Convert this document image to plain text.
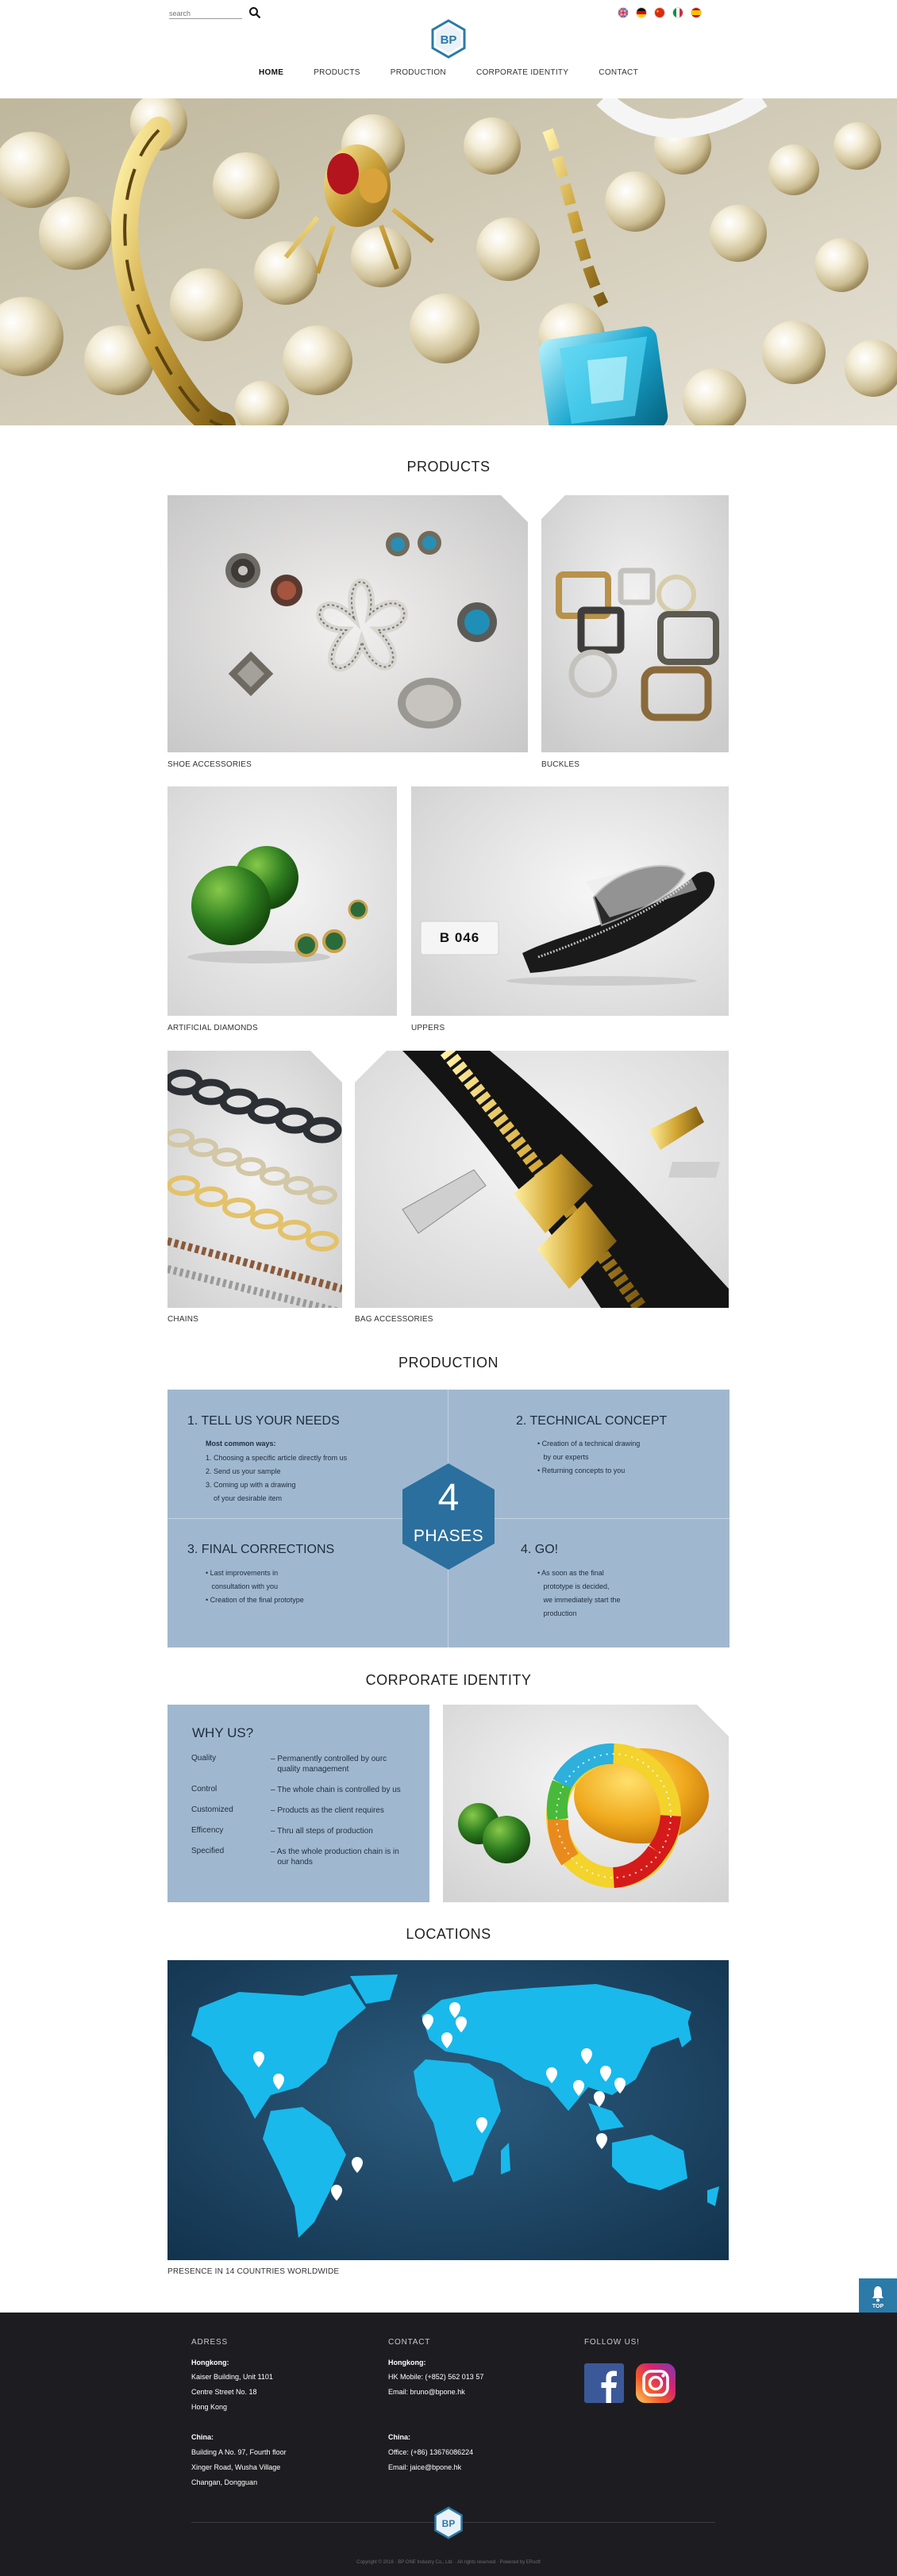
search
BP
HOME	PRODUCTS	PRODUCTION	CORPORATE IDENTITY	CONTACT
PRODUCTS
SHOE ACCESSORIES	BUCKLES
ARTIFICIAL DIAMONDS
B 046
UPPERS
CHAINS	BAG ACCESSORIES
PRODUCTION
1. TELL US YOUR NEEDS
Most common ways:
1. Choosing a specific article directly from us
2. Send us your sample
3. Coming up with a drawing
of your desirable item
2. TECHNICAL CONCEPT
• Creation of a technical drawing
by our experts
• Returning concepts to you
3. FINAL CORRECTIONS
• Last improvements in
consultation with you
• Creation of the final prototype
4. GO!
• As soon as the final
prototype is decided,
we immediately start the
production
4
PHASES
CORPORATE IDENTITY
WHY US?
Quality	– Permanently controlled by ourc
quality management
Control	– The whole chain is controlled by us
Customized	– Products as the client requires
Efficency	– Thru all steps of production
Specified	– As the whole production chain is in
our hands
LOCATIONS
PRESENCE IN 14 COUNTRIES WORLDWIDE
TOP
ADRESS
Hongkong:
Kaiser Building, Unit 1101
Centre Street No. 18
Hong Kong
China:
Building A No. 97, Fourth floor
Xinger Road, Wusha Village
Changan, Dongguan
CONTACT
Hongkong:
HK Mobile: (+852) 562 013 57
Email: bruno@bpone.hk
China:
Office: (+86) 13676086224
Email: jaice@bpone.hk
FOLLOW US!
BP
Copyright © 2016 · BP ONE Industry Co., Ltd. · All rights reserved · Powered by ERsoft
